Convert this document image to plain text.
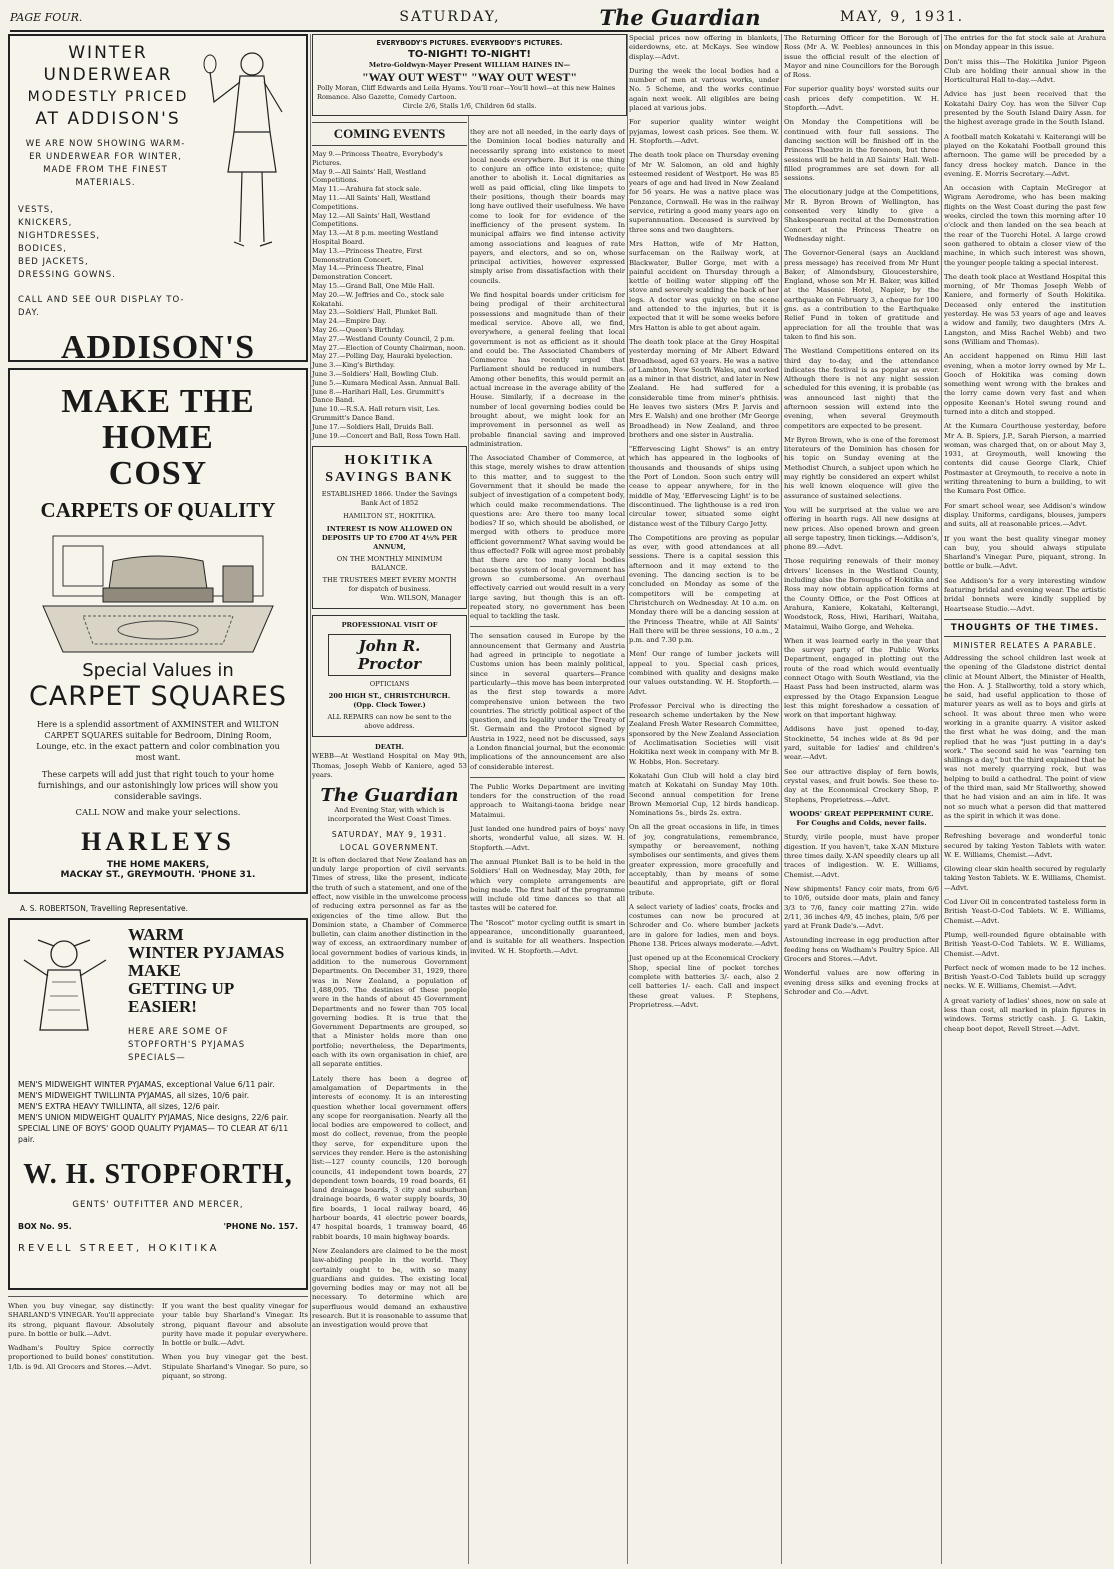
PAGE FOUR.	SATURDAY,	The Guardian	MAY, 9, 1931.
WINTER
UNDERWEAR
MODESTLY PRICED
AT ADDISON'S
WE ARE NOW SHOWING WARM-
ER UNDERWEAR FOR WINTER,
MADE FROM THE FINEST
MATERIALS.
VESTS,
KNICKERS,
NIGHTDRESSES,
BODICES,
BED JACKETS,
DRESSING GOWNS.
CALL AND SEE OUR DISPLAY TO-DAY.
ADDISON'S
MAKE THE HOME
COSY
CARPETS OF QUALITY
Special Values in
CARPET SQUARES
Here is a splendid assortment of AXMINSTER and WILTON CARPET SQUARES suitable for Bedroom, Dining Room, Lounge, etc. in the exact pattern and color combination you most want.
These carpets will add just that right touch to your home furnishings, and our astonishingly low prices will show you considerable savings.
CALL NOW and make your selections.
HARLEYS
THE HOME MAKERS,
MACKAY ST., GREYMOUTH. 'PHONE 31.
A. S. ROBERTSON, Travelling Representative.
WARM
WINTER PYJAMAS
MAKE
GETTING UP
EASIER!
HERE ARE SOME OF STOPFORTH'S PYJAMAS SPECIALS—
MEN'S MIDWEIGHT WINTER PYJAMAS, exceptional Value 6/11 pair.
MEN'S MIDWEIGHT TWILLINTA PYJAMAS, all sizes, 10/6 pair.
MEN'S EXTRA HEAVY TWILLINTA, all sizes, 12/6 pair.
MEN'S UNION MIDWEIGHT QUALITY PYJAMAS, Nice designs, 22/6 pair.
SPECIAL LINE OF BOYS' GOOD QUALITY PYJAMAS— TO CLEAR AT 6/11 pair.
W. H. STOPFORTH,
GENTS' OUTFITTER AND MERCER,
BOX No. 95.	'PHONE No. 157.
REVELL STREET, HOKITIKA

When you buy vinegar, say distinctly: SHARLAND'S VINEGAR. You'll appreciate its strong, piquant flavour. Absolutely pure. In bottle or bulk.—Advt.

Wadham's Poultry Spice correctly proportioned to build bones' constitution. 1/lb. is 9d. All Grocers and Stores.—Advt.

If you want the best quality vinegar for your table buy Sharland's Vinegar. Its strong, piquant flavour and absolute purity have made it popular everywhere. In bottle or bulk.—Advt.

When you buy vinegar get the best. Stipulate Sharland's Vinegar. So pure, so piquant, so strong.

EVERYBODY'S PICTURES. EVERYBODY'S PICTURES.
TO-NIGHT! TO-NIGHT!
Metro-Goldwyn-Mayer Present WILLIAM HAINES IN—
"WAY OUT WEST" "WAY OUT WEST"
Polly Moran, Cliff Edwards and Leila Hyams. You'll roar—You'll howl—at this new Haines Romance. Also Gazette, Comedy Cartoon.
Circle 2/6, Stalls 1/6, Children 6d stalls.
COMING EVENTS

May 9.—Princess Theatre, Everybody's Pictures.

May 9.—All Saints' Hall, Westland Competitions.

May 11.—Arahura fat stock sale.

May 11.—All Saints' Hall, Westland Competitions.

May 12.—All Saints' Hall, Westland Competitions.

May 13.—At 8 p.m. meeting Westland Hospital Board.

May 13.—Princess Theatre, First Demonstration Concert.

May 14.—Princess Theatre, Final Demonstration Concert.

May 15.—Grand Ball, One Mile Hall.

May 20.—W. Jeffries and Co., stock sale Kokatahi.

May 23.—Soldiers' Hall, Plunket Ball.

May 24.—Empire Day.

May 26.—Queen's Birthday.

May 27.—Westland County Council, 2 p.m.

May 27.—Election of County Chairman, noon.

May 27.—Polling Day, Hauraki byelection.

June 3.—King's Birthday.

June 3.—Soldiers' Hall, Bowling Club.

June 5.—Kumara Medical Assn. Annual Ball.

June 8.—Harihari Hall, Les. Grummitt's Dance Band.

June 10.—R.S.A. Hall return visit, Les. Grummitt's Dance Band.

June 17.—Soldiers Hall, Druids Ball.

June 19.—Concert and Ball, Ross Town Hall.

HOKITIKA
SAVINGS BANK
ESTABLISHED 1866. Under the Savings Bank Act of 1852
HAMILTON ST., HOKITIKA.
INTEREST IS NOW ALLOWED ON DEPOSITS UP TO £700 AT 4½% PER ANNUM,
ON THE MONTHLY MINIMUM BALANCE.
THE TRUSTEES MEET EVERY MONTH for dispatch of business.
Wm. WILSON, Manager
PROFESSIONAL VISIT OF
John R. Proctor
OPTICIANS
200 HIGH ST., CHRISTCHURCH. (Opp. Clock Tower.)
ALL REPAIRS can now be sent to the above address.
DEATH.

WEBB—At Westland Hospital on May 9th, Thomas, Joseph Webb of Kaniere, aged 53 years.

The Guardian

And Evening Star, with which is incorporated the West Coast Times.

SATURDAY, MAY 9, 1931.
LOCAL GOVERNMENT.

It is often declared that New Zealand has an unduly large proportion of civil servants. Times of stress, like the present, indicate the truth of such a statement, and one of the effect, now visible in the unwelcome process of reducing extra personnel as far as the exigencies of the time allow. But the Dominion state, a Chamber of Commerce bulletin, can claim another distinction in the way of excess, an extraordinary number of local government bodies of various kinds, in addition to the numerous Government Departments. On December 31, 1929, there was in New Zealand, a population of 1,488,095. The destinies of these people were in the hands of about 45 Government Departments and no fewer than 705 local governing bodies. It is true that the Government Departments are grouped, so that a Minister holds more than one portfolio; nevertheless, the Departments, each with its own organisation in chief, are all separate entities.

Lately there has been a degree of amalgamation of Departments in the interests of economy. It is an interesting question whether local government offers any scope for reorganisation. Nearly all the local bodies are empowered to collect, and most do collect, revenue, from the people they serve, for expenditure upon the services they render. Here is the astonishing list:—127 county councils, 120 borough councils, 41 independent town boards, 27 dependent town boards, 19 road boards, 61 land drainage boards, 3 city and suburban drainage boards, 6 water supply boards, 30 fire boards, 1 local railway board, 46 harbour boards, 41 electric power boards, 47 hospital boards, 1 tramway board, 46 rabbit boards, 10 main highway boards.

New Zealanders are claimed to be the most law-abiding people in the world. They certainly ought to be, with so many guardians and guides. The existing local governing bodies may or may not all be necessary. To determine which are superfluous would demand an exhaustive research. But it is reasonable to assume that an investigation would prove that

they are not all needed, in the early days of the Dominion local bodies naturally and necessarily sprang into existence to meet local needs everywhere. But it is one thing to conjure an office into existence; quite another to abolish it. Local dignitaries as well as paid official, cling like limpets to their positions, though their boards may long have outlived their usefulness. We have come to look for for evidence of the inefficiency of the present system. In municipal affairs we find intense activity among associations and leagues of rate payers, and electors, and so on, whose principal activities, however expressed simply arise from dissatisfaction with their councils.

We find hospital boards under criticism for being prodigal of their architectural possessions and magnitude than of their medical service. Above all, we find, everywhere, a general feeling that local government is not as efficient as it should and could be. The Associated Chambers of Commerce has recently urged that Parliament should be reduced in numbers. Among other benefits, this would permit an actual increase in the average ability of the House. Similarly, if a decrease in the number of local governing bodies could be brought about, we might look for an improvement in personnel as well as probable financial saving and improved administration.

The Associated Chamber of Commerce, at this stage, merely wishes to draw attention to this matter, and to suggest to the Government that it should be made the subject of investigation of a competent body, which could make recommendations. The questions are: Are there too many local bodies? If so, which should be abolished, or merged with others to produce more efficient government? What saving would be thus effected? Folk will agree most probably that there are too many local bodies because the system of local government has grown so cumbersome. An overhaul effectively carried out would result in a very large saving, but though this is an oft-repeated story, no government has been equal to tackling the task.

The sensation caused in Europe by the announcement that Germany and Austria had agreed in principle to negotiate a Customs union has been mainly political, since in several quarters—France particularly—this move has been interpreted as the first step towards a more comprehensive union between the two countries. The strictly political aspect of the question, and its legality under the Treaty of St. Germain and the Protocol signed by Austria in 1922, need not be discussed, says a London financial journal, but the economic implications of the announcement are also of considerable interest.

The Public Works Department are inviting tenders for the construction of the road approach to Waitangi-taona bridge near Mataimui.

Just landed one hundred pairs of boys' navy shorts, wonderful value, all sizes. W. H. Stopforth.—Advt.

The annual Plunket Ball is to be held in the Soldiers' Hall on Wednesday, May 20th, for which very complete arrangements are being made. The first half of the programme will include old time dances so that all tastes will be catered for.

The "Roscot" motor cycling outfit is smart in appearance, unconditionally guaranteed, and is suitable for all weathers. Inspection invited. W. H. Stopforth.—Advt.

Special prices now offering in blankets, eiderdowns, etc. at McKays. See window display.—Advt.

During the week the local bodies had a number of men at various works, under No. 5 Scheme, and the works continue again next week. All eligibles are being placed at various jobs.

For superior quality winter weight pyjamas, lowest cash prices. See them. W. H. Stopforth.—Advt.

The death took place on Thursday evening of Mr W. Salomon, an old and highly esteemed resident of Westport. He was 85 years of age and had lived in New Zealand for 56 years. He was a native place was Penzance, Cornwall. He was in the railway service, retiring a good many years ago on superannuation. Deceased is survived by three sons and two daughters.

Mrs Hatton, wife of Mr Hatton, surfaceman on the Railway work, at Blackwater, Buller Gorge, met with a painful accident on Thursday through a kettle of boiling water slipping off the stove and severely scalding the back of her legs. A doctor was quickly on the scene and attended to the injuries, but it is expected that it will be some weeks before Mrs Hatton is able to get about again.

The death took place at the Grey Hospital yesterday morning of Mr Albert Edward Broadhead, aged 63 years. He was a native of Lambton, New South Wales, and worked as a miner in that district, and later in New Zealand. He had suffered for a considerable time from miner's phthisis. He leaves two sisters (Mrs P. Jarvis and Mrs E. Walsh) and one brother (Mr George Broadhead) in New Zealand, and three brothers and one sister in Australia.

"Effervescing Light Shows" is an entry which has appeared in the logbooks of thousands and thousands of ships using the Port of London. Soon such entry will cease to appear anywhere, for in the middle of May, 'Effervescing Light' is to be discontinued. The lighthouse is a red iron circular tower, situated some eight distance west of the Tilbury Cargo Jetty.

The Competitions are proving as popular as ever, with good attendances at all sessions. There is a capital session this afternoon and it may extend to the evening. The dancing section is to be concluded on Monday as some of the competitors will be competing at Christchurch on Wednesday. At 10 a.m. on Monday there will be a dancing session at the Princess Theatre, while at All Saints' Hall there will be three sessions, 10 a.m., 2 p.m. and 7.30 p.m.

Men! Our range of lumber jackets will appeal to you. Special cash prices, combined with quality and designs make our values outstanding. W. H. Stopforth.—Advt.

Professor Percival who is directing the research scheme undertaken by the New Zealand Fresh Water Research Committee, sponsored by the New Zealand Association of Acclimatisation Societies will visit Hokitika next week in company with Mr B. W. Hobbs, Hon. Secretary.

Kokatahi Gun Club will hold a clay bird match at Kokatahi on Sunday May 10th. Second annual competition for Irene Brown Memorial Cup, 12 birds handicap. Nominations 5s., birds 2s. extra.

On all the great occasions in life, in times of joy, congratulations, remembrance, sympathy or bereavement, nothing symbolises our sentiments, and gives them greater expression, more gracefully and acceptably, than by means of some beautiful and appropriate, gift or floral tribute.

A select variety of ladies' coats, frocks and costumes can now be procured at Schroder and Co. where bumber jackets are in galore for ladies, men and boys. Phone 138. Prices always moderate.—Advt.

Just opened up at the Economical Crockery Shop, special line of pocket torches complete with batteries 3/- each, also 2 cell batteries 1/- each. Call and inspect these great values. P. Stephens, Proprietress.—Advt.

The Returning Officer for the Borough of Ross (Mr A. W. Peebles) announces in this issue the official result of the election of Mayor and nine Councillors for the Borough of Ross.

For superior quality boys' worsted suits our cash prices defy competition. W. H. Stopforth.—Advt.

On Monday the Competitions will be continued with four full sessions. The dancing section will be finished off in the Princess Theatre in the forenoon, but three sessions will be held in All Saints' Hall. Well-filled programmes are set down for all sessions.

The elocutionary judge at the Competitions, Mr R. Byron Brown of Wellington, has consented very kindly to give a Shakespearean recital at the Demonstration Concert at the Princess Theatre on Wednesday night.

The Governor-General (says an Auckland press message) has received from Mr Hunt Baker, of Almondsbury, Gloucestershire, England, whose son Mr H. Baker, was killed at the Masonic Hotel, Napier, by the earthquake on February 3, a cheque for 100 gns. as a contribution to the Earthquake Relief Fund in token of gratitude and appreciation for all the trouble that was taken to find his son.

The Westland Competitions entered on its third day to-day, and the attendance indicates the festival is as popular as ever. Although there is not any night session scheduled for this evening, it is probable (as was announced last night) that the afternoon session will extend into the evening, when several Greymouth competitors are expected to be present.

Mr Byron Brown, who is one of the foremost literateurs of the Dominion has chosen for his topic on Sunday evening at the Methodist Church, a subject upon which he may rightly be considered an expert whilst his well known eloquence will give the assurance of sustained selections.

You will be surprised at the value we are offering in hearth rugs. All new designs at new prices. Also opened brown and green all serge tapestry, linen tickings.—Addison's, phone 89.—Advt.

Those requiring renewals of their money drivers' licenses in the Westland County, including also the Boroughs of Hokitika and Ross may now obtain application forms at the County Office, or the Post Offices at Arahura, Kaniere, Kokatahi, Kelterangi, Woodstock, Ross, Hiwi, Harihari, Waitaha, Mataimui, Waiho Gorge, and Weheka.

When it was learned early in the year that the survey party of the Public Works Department, engaged in plotting out the route of the road which would eventually connect Otago with South Westland, via the Haast Pass had been instructed, alarm was expressed by the Otago Expansion League lest this might foreshadow a cessation of work on that important highway.

Addisons have just opened to-day, Stockinette, 54 inches wide at 8s 9d per yard, suitable for ladies' and children's wear.—Advt.

See our attractive display of fern bowls, crystal vases, and fruit bowls. See these to-day at the Economical Crockery Shop, P. Stephens, Proprietress.—Advt.

WOODS' GREAT PEPPERMINT CURE. For Coughs and Colds, never fails.

Sturdy, virile people, must have proper digestion. If you haven't, take X-AN Mixture three times daily. X-AN speedily clears up all traces of indigestion. W. E. Williams, Chemist.—Advt.

New shipments! Fancy coir mats, from 6/6 to 10/6, outside door mats, plain and fancy 3/3 to 7/6, fancy coir matting 27in. wide 2/11, 36 inches 4/9, 45 inches, plain, 5/6 per yard at Frank Dade's.—Advt.

Astounding increase in egg production after feeding hens on Wadham's Poultry Spice. All Grocers and Stores.—Advt.

Wonderful values are now offering in evening dress silks and evening frocks at Schroder and Co.—Advt.

The entries for the fat stock sale at Arahura on Monday appear in this issue.

Don't miss this—The Hokitika Junior Pigeon Club are holding their annual show in the Horticultural Hall to-day.—Advt.

Advice has just been received that the Kokatahi Dairy Coy. has won the Silver Cup presented by the South Island Dairy Assn. for the highest average grade in the South Island.

A football match Kokatahi v. Kaiterangi will be played on the Kokatahi Football ground this afternoon. The game will be preceded by a fancy dress hockey match. Dance in the evening. E. Morris Secretary.—Advt.

An occasion with Captain McGregor at Wigram Aerodrome, who has been making flights on the West Coast during the past few weeks, circled the town this morning after 10 o'clock and then landed on the sea beach at the rear of the Tuorchi Hotel. A large crowd soon gathered to obtain a closer view of the machine, in which such interest was shown, the younger people taking a special interest.

The death took place at Westland Hospital this morning, of Mr Thomas Joseph Webb of Kaniere, and formerly of South Hokitika. Deceased only entered the institution yesterday. He was 53 years of age and leaves a widow and family, two daughters (Mrs A. Langston, and Miss Rachel Webb) and two sons (William and Thomas).

An accident happened on Rimu Hill last evening, when a motor lorry owned by Mr L. Gooch of Hokitika was coming down something went wrong with the brakes and the lorry came down very fast and when opposite Keenan's Hotel swung round and turned into a ditch and stopped.

At the Kumara Courthouse yesterday, before Mr A. B. Spiers, J.P., Sarah Pierson, a married woman, was charged that, on or about May 3, 1931, at Greymouth, well knowing the contents did cause George Clark, Chief Postmaster at Greymouth, to receive a note in writing threatening to burn a building, to wit the Kumara Post Office.

For smart school wear, see Addison's window display. Uniforms, cardigans, blouses, jumpers and suits, all at reasonable prices.—Advt.

If you want the best quality vinegar money can buy, you should always stipulate Sharland's Vinegar. Pure, piquant, strong. In bottle or bulk.—Advt.

See Addison's for a very interesting window featuring bridal and evening wear. The artistic bridal bonnets were kindly supplied by Heartsease Studio.—Advt.

THOUGHTS OF THE TIMES.
MINISTER RELATES A PARABLE.

Addressing the school children last week at the opening of the Gladstone district dental clinic at Mount Albert, the Minister of Health, the Hon. A. J. Stallworthy, told a story which, he said, had useful application to those of maturer years as well as to boys and girls at school. It was about three men who were working in a granite quarry. A visitor asked the first what he was doing, and the man replied that he was "just putting in a day's work." The second said he was "earning ten shillings a day," but the third explained that he was not merely quarrying rock, but was helping to build a cathedral. The point of view of the third man, said Mr Stallworthy, showed that he had vision and an aim in life. It was not so much what a person did that mattered as the spirit in which it was done.

Refreshing beverage and wonderful tonic secured by taking Yeston Tablets with water. W. E. Williams, Chemist.—Advt.

Glowing clear skin health secured by regularly taking Yeston Tablets. W. E. Williams, Chemist.—Advt.

Cod Liver Oil in concentrated tasteless form in British Yeast-O-Cod Tablets. W. E. Williams, Chemist.—Advt.

Plump, well-rounded figure obtainable with British Yeast-O-Cod Tablets. W. E. Williams, Chemist.—Advt.

Perfect neck of women made to be 12 inches. British Yeast-O-Cod Tablets build up scraggy necks. W. E. Williams, Chemist.—Advt.

A great variety of ladies' shoes, now on sale at less than cost, all marked in plain figures in windows. Terms strictly cash. J. G. Lakin, cheap boot depot, Revell Street.—Advt.
